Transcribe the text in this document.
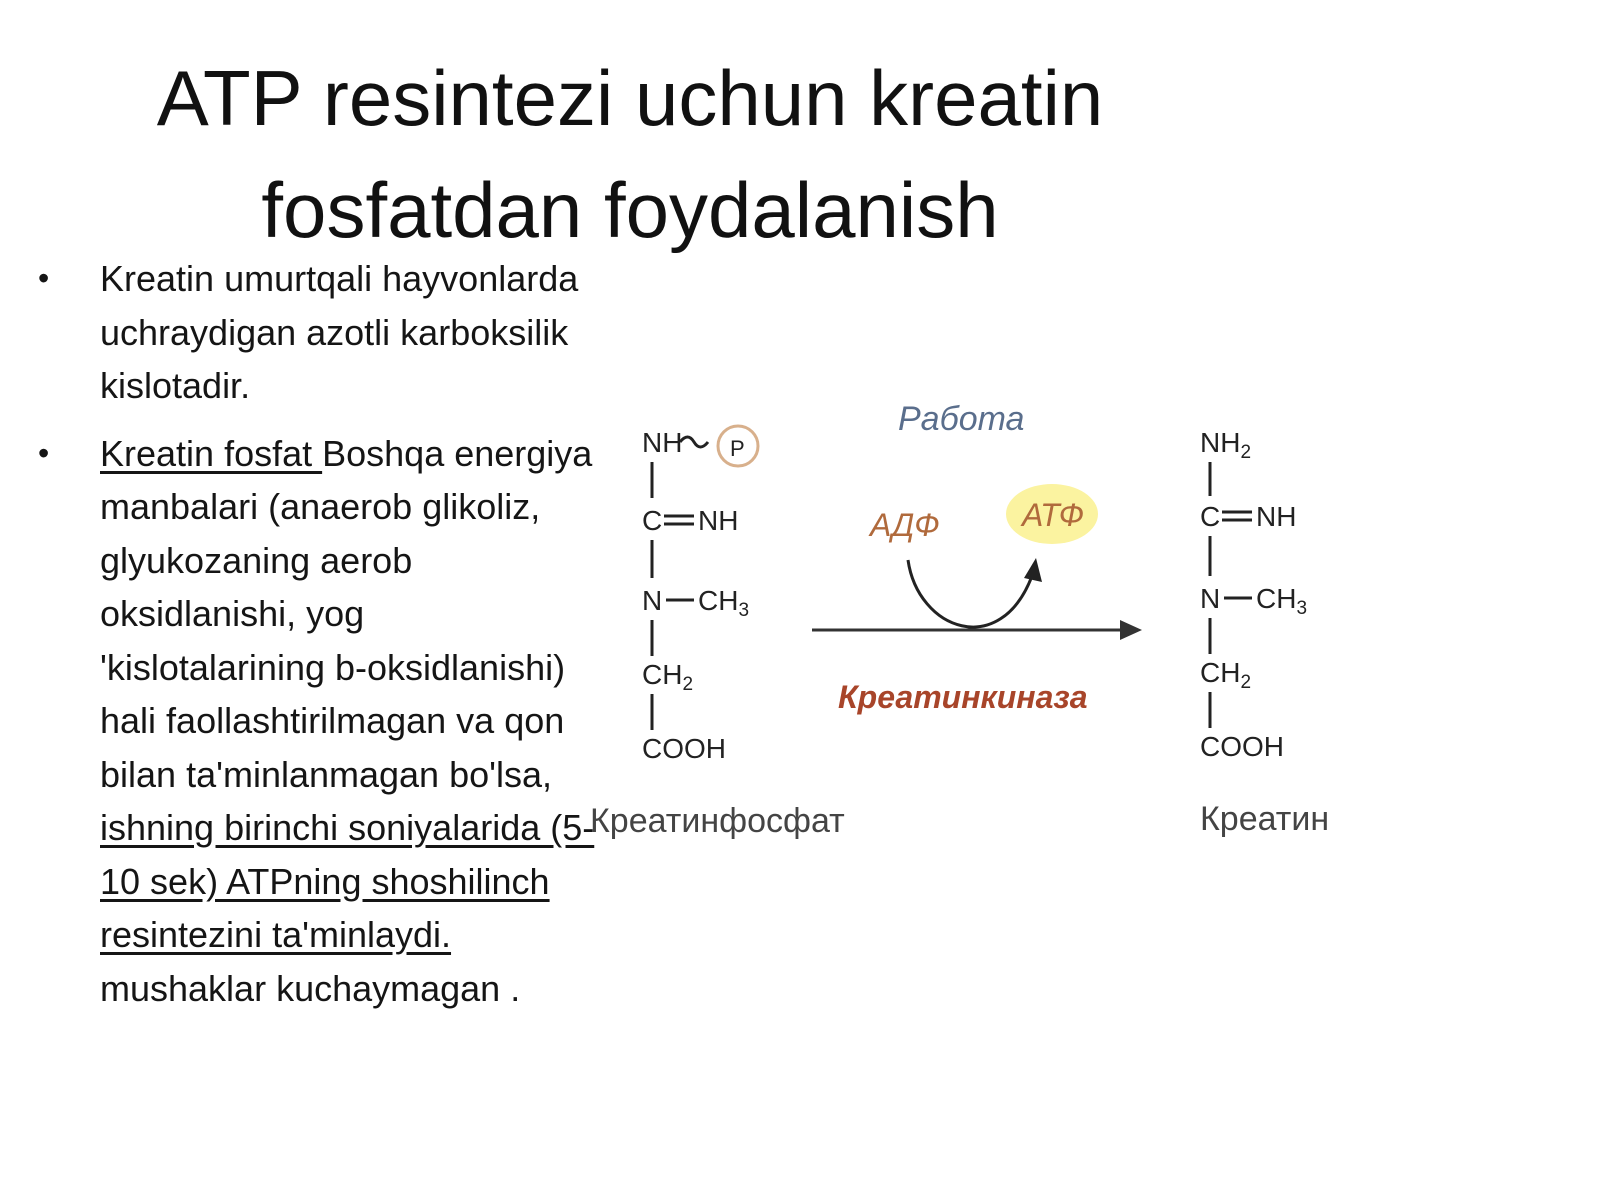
ATP resintezi uchun kreatin
fosfatdan foydalanish
• Kreatin umurtqali hayvonlarda uchraydigan azotli karboksilik kislotadir.
• Kreatin fosfat Boshqa energiya manbalari (anaerob glikoliz, glyukozaning aerob oksidlanishi, yog 'kislotalarining b-oksidlanishi) hali faollashtirilmagan va qon bilan ta'minlanmagan bo'lsa, ishning birinchi soniyalarida (5-10 sek) ATPning shoshilinch resintezini ta'minlaydi. mushaklar kuchaymagan .
NH P
C NH
N $CH_3$
$CH_2$
COOH
Креатинфосфат
Работа
АДФ	АТФ
Креатинкиназа
$NH_2$
C NH
N $CH_3$
$CH_2$
COOH
Креатин
